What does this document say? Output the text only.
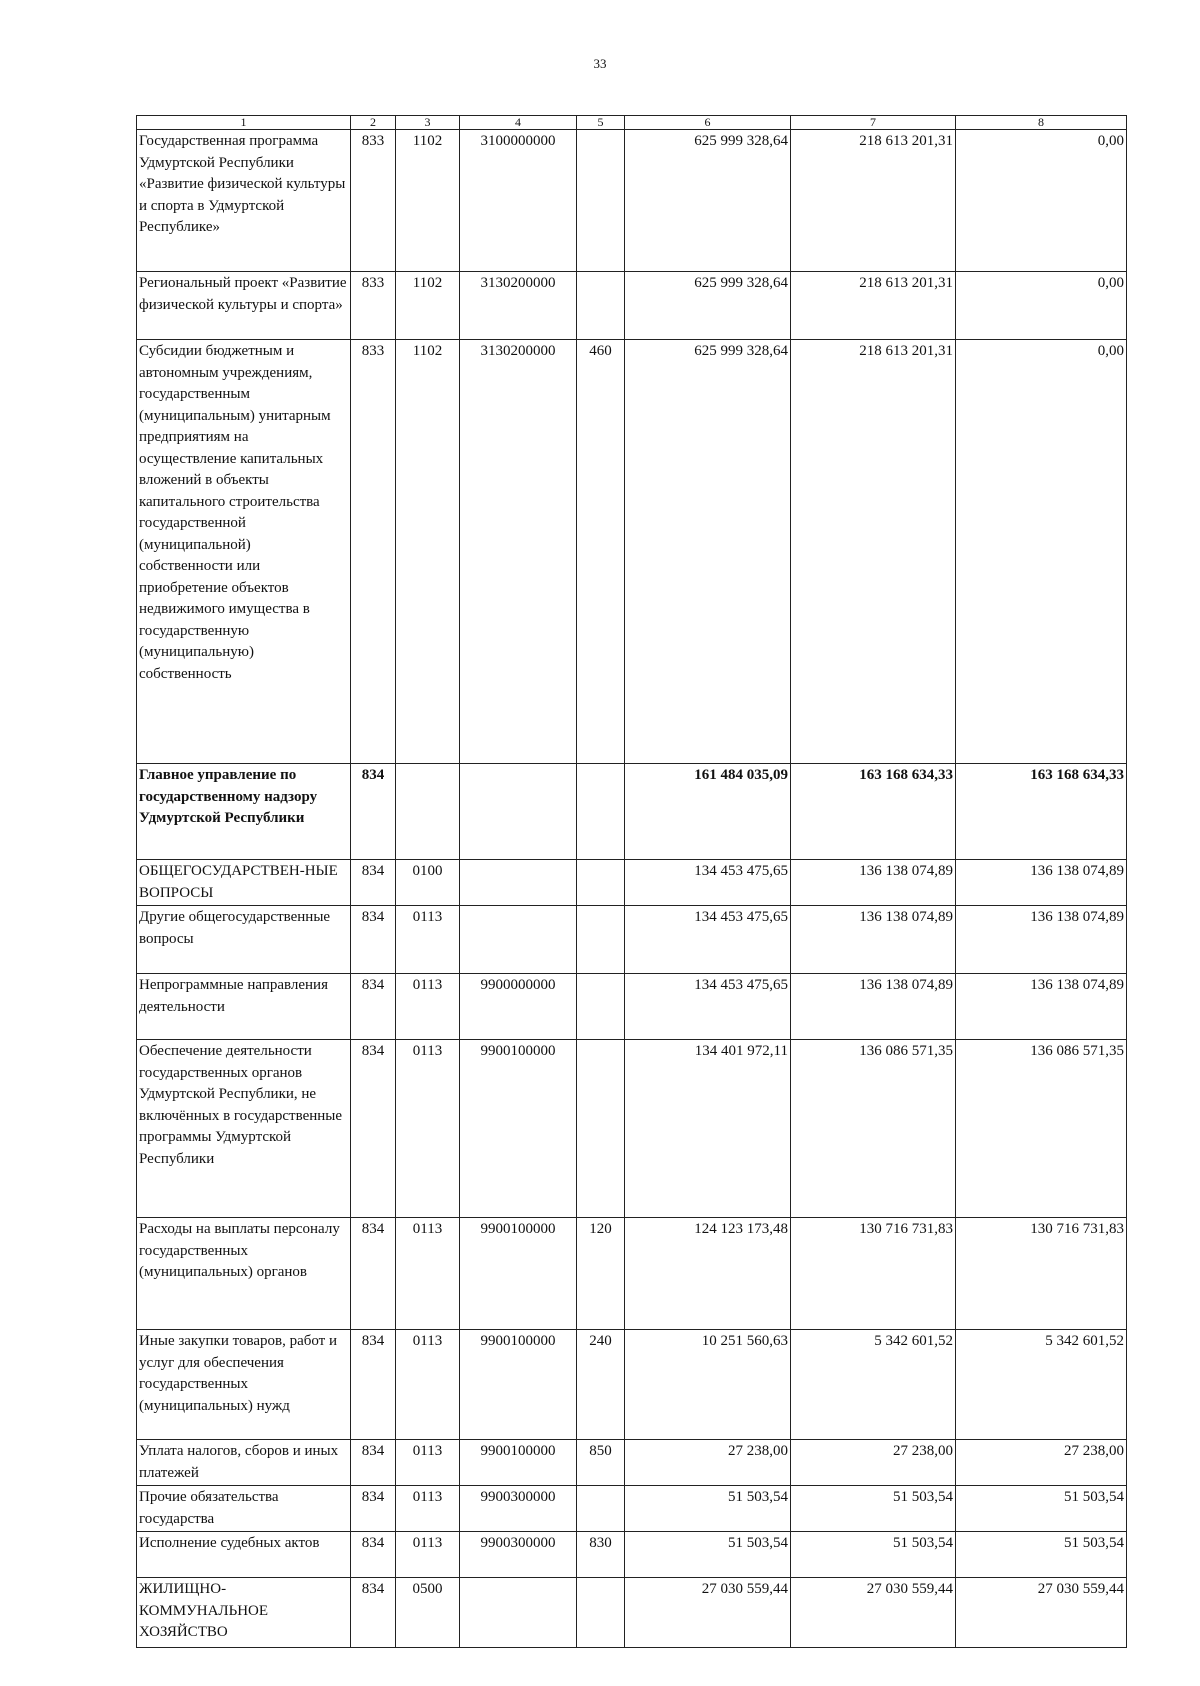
33
1	2	3	4	5	6	7	8
Государственная программа Удмуртской Республики «Развитие физической культуры и спорта в Удмуртской Республике»	833	1102	3100000000		625 999 328,64	218 613 201,31	0,00
Региональный проект «Развитие физической культуры и спорта»	833	1102	3130200000		625 999 328,64	218 613 201,31	0,00
Субсидии бюджетным и автономным учреждениям, государственным (муниципальным) унитарным предприятиям на осуществление капитальных вложений в объекты капитального строительства государственной (муниципальной) собственности или приобретение объектов недвижимого имущества в государственную (муниципальную) собственность	833	1102	3130200000	460	625 999 328,64	218 613 201,31	0,00
Главное управление по государственному надзору Удмуртской Республики	834				161 484 035,09	163 168 634,33	163 168 634,33
ОБЩЕГОСУДАРСТВЕН-НЫЕ ВОПРОСЫ	834	0100			134 453 475,65	136 138 074,89	136 138 074,89
Другие общегосударственные вопросы	834	0113			134 453 475,65	136 138 074,89	136 138 074,89
Непрограммные направления деятельности	834	0113	9900000000		134 453 475,65	136 138 074,89	136 138 074,89
Обеспечение деятельности государственных органов Удмуртской Республики, не включённых в государственные программы Удмуртской Республики	834	0113	9900100000		134 401 972,11	136 086 571,35	136 086 571,35
Расходы на выплаты персоналу государственных (муниципальных) органов	834	0113	9900100000	120	124 123 173,48	130 716 731,83	130 716 731,83
Иные закупки товаров, работ и услуг для обеспечения государственных (муниципальных) нужд	834	0113	9900100000	240	10 251 560,63	5 342 601,52	5 342 601,52
Уплата налогов, сборов и иных платежей	834	0113	9900100000	850	27 238,00	27 238,00	27 238,00
Прочие обязательства государства	834	0113	9900300000		51 503,54	51 503,54	51 503,54
Исполнение судебных актов	834	0113	9900300000	830	51 503,54	51 503,54	51 503,54
ЖИЛИЩНО-КОММУНАЛЬНОЕ ХОЗЯЙСТВО	834	0500			27 030 559,44	27 030 559,44	27 030 559,44
